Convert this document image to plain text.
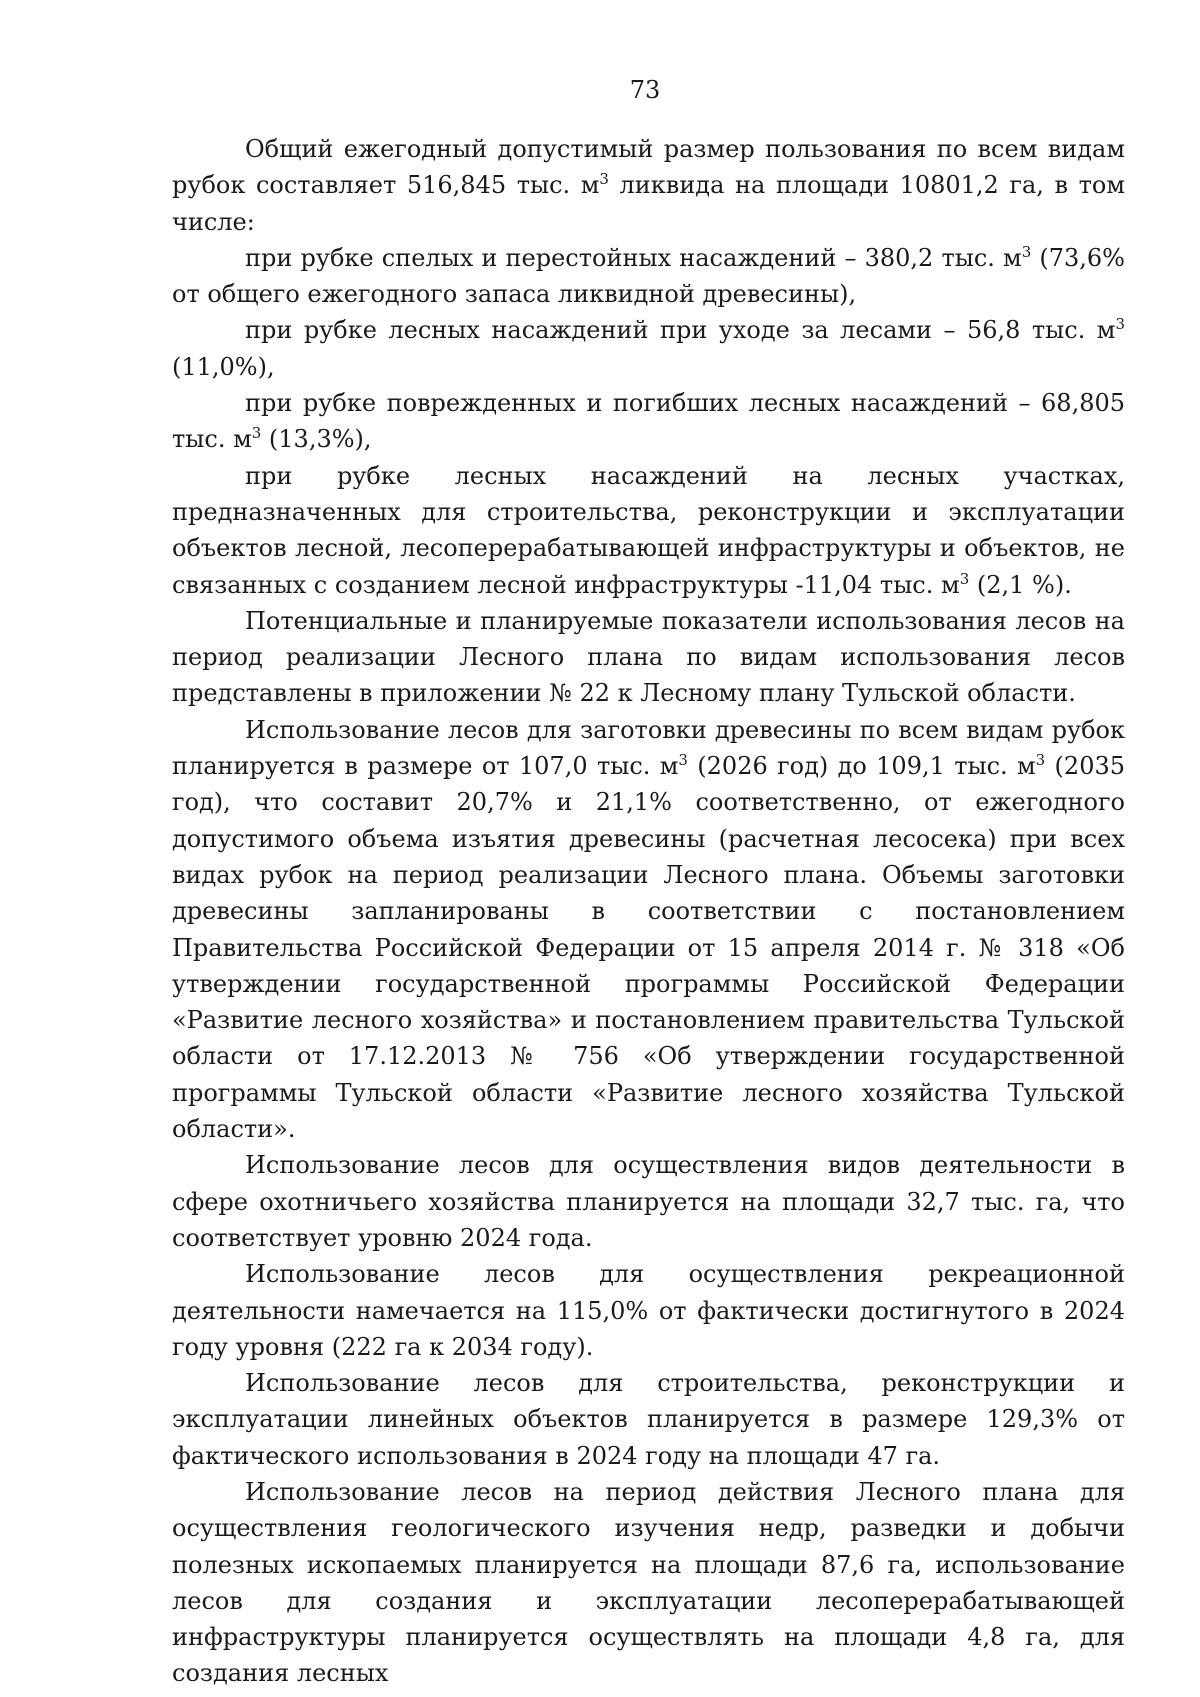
73

Общий ежегодный допустимый размер пользования по всем видам рубок составляет 516,845 тыс. $м^3$ ликвида на площади 10801,2 га, в том числе:

при рубке спелых и перестойных насаждений – 380,2 тыс. $м^3$ (73,6% от общего ежегодного запаса ликвидной древесины),

при рубке лесных насаждений при уходе за лесами – 56,8 тыс. $м^3$ (11,0%),

при рубке поврежденных и погибших лесных насаждений – 68,805 тыс. $м^3$ (13,3%),

при рубке лесных насаждений на лесных участках, предназначенных для строительства, реконструкции и эксплуатации объектов лесной, лесоперерабатывающей инфраструктуры и объектов, не связанных с созданием лесной инфраструктуры -11,04 тыс. $м^3$ (2,1 %).

Потенциальные и планируемые показатели использования лесов на период реализации Лесного плана по видам использования лесов представлены в приложении № 22 к Лесному плану Тульской области.

Использование лесов для заготовки древесины по всем видам рубок планируется в размере от 107,0 тыс. $м^3$ (2026 год) до 109,1 тыс. $м^3$ (2035 год), что составит 20,7% и 21,1% соответственно, от ежегодного допустимого объема изъятия древесины (расчетная лесосека) при всех видах рубок на период реализации Лесного плана. Объемы заготовки древесины запланированы в соответствии с постановлением Правительства Российской Федерации от 15 апреля 2014 г. № 318 «Об утверждении государственной программы Российской Федерации «Развитие лесного хозяйства» и постановлением правительства Тульской области от 17.12.2013 № 756 «Об утверждении государственной программы Тульской области «Развитие лесного хозяйства Тульской области».

Использование лесов для осуществления видов деятельности в сфере охотничьего хозяйства планируется на площади 32,7 тыс. га, что соответствует уровню 2024 года.

Использование лесов для осуществления рекреационной деятельности намечается на 115,0% от фактически достигнутого в 2024 году уровня (222 га к 2034 году).

Использование лесов для строительства, реконструкции и эксплуатации линейных объектов планируется в размере 129,3% от фактического использования в 2024 году на площади 47 га.

Использование лесов на период действия Лесного плана для осуществления геологического изучения недр, разведки и добычи полезных ископаемых планируется на площади 87,6 га, использование лесов для создания и эксплуатации лесоперерабатывающей инфраструктуры планируется осуществлять на площади 4,8 га, для создания лесных
